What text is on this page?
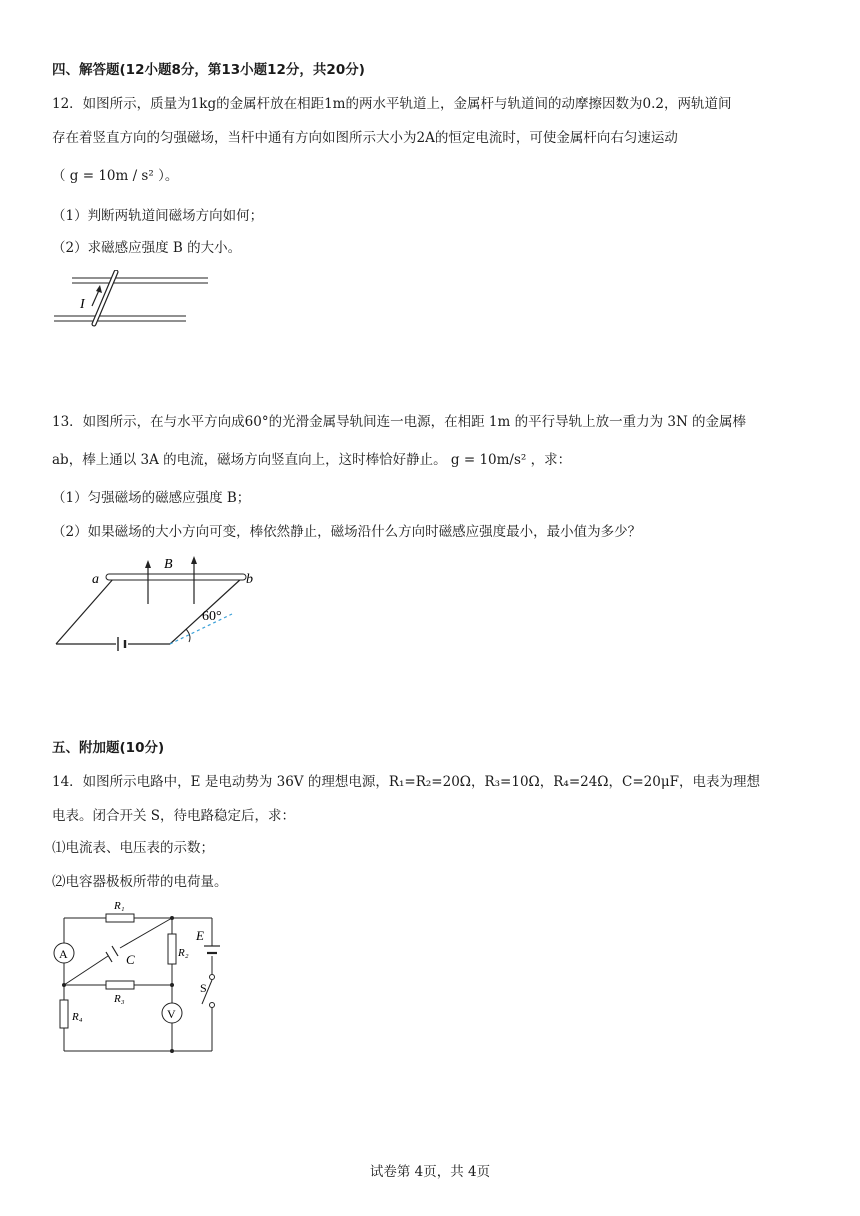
四、解答题(12小题8分，第13小题12分，共20分)
12．如图所示，质量为1kg的金属杆放在相距1m的两水平轨道上，金属杆与轨道间的动摩擦因数为0.2，两轨道间
存在着竖直方向的匀强磁场，当杆中通有方向如图所示大小为2A的恒定电流时，可使金属杆向右匀速运动
（ g = 10m / s² ）。
（1）判断两轨道间磁场方向如何；
（2）求磁感应强度 B 的大小。
I
13．如图所示，在与水平方向成60°的光滑金属导轨间连一电源，在相距 1m 的平行导轨上放一重力为 3N 的金属棒
ab，棒上通以 3A 的电流，磁场方向竖直向上，这时棒恰好静止。 g = 10m/s² ，求：
（1）匀强磁场的磁感应强度 B；
（2）如果磁场的大小方向可变，棒依然静止，磁场沿什么方向时磁感应强度最小，最小值为多少？
a	b
B
60°
五、附加题(10分)
14．如图所示电路中，E 是电动势为 36V 的理想电源，R₁=R₂=20Ω，R₃=10Ω，R₄=24Ω，C=20μF，电表为理想
电表。闭合开关 S，待电路稳定后，求：
⑴电流表、电压表的示数；
⑵电容器极板所带的电荷量。
A
V
R₁
R₃
R₂
R₄
C
E
S
试卷第 4页，共 4页
